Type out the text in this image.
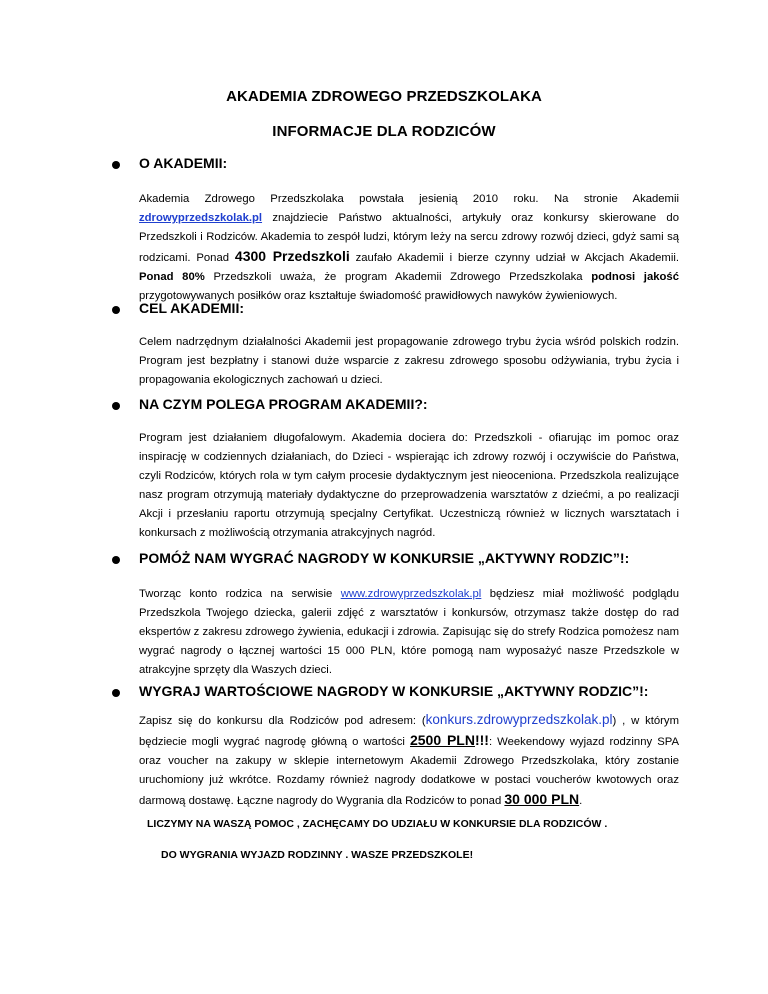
AKADEMIA ZDROWEGO PRZEDSZKOLAKA
INFORMACJE DLA RODZICÓW
O AKADEMII:
Akademia Zdrowego Przedszkolaka powstała jesienią 2010 roku. Na stronie Akademii zdrowyprzedszkolak.pl znajdziecie Państwo aktualności, artykuły oraz konkursy skierowane do Przedszkoli i Rodziców. Akademia to zespół ludzi, którym leży na sercu zdrowy rozwój dzieci, gdyż sami są rodzicami. Ponad 4300 Przedszkoli zaufało Akademii i bierze czynny udział w Akcjach Akademii. Ponad 80% Przedszkoli uważa, że program Akademii Zdrowego Przedszkolaka podnosi jakość przygotowywanych posiłków oraz kształtuje świadomość prawidłowych nawyków żywieniowych.
CEL AKADEMII:
Celem nadrzędnym działalności Akademii jest propagowanie zdrowego trybu życia wśród polskich rodzin. Program jest bezpłatny i stanowi duże wsparcie z zakresu zdrowego sposobu odżywiania, trybu życia i propagowania ekologicznych zachowań u dzieci.
NA CZYM POLEGA PROGRAM AKADEMII?:
Program jest działaniem długofalowym. Akademia dociera do: Przedszkoli - ofiarując im pomoc oraz inspirację w codziennych działaniach, do Dzieci - wspierając ich zdrowy rozwój i oczywiście do Państwa, czyli Rodziców, których rola w tym całym procesie dydaktycznym jest nieoceniona. Przedszkola realizujące nasz program otrzymują materiały dydaktyczne do przeprowadzenia warsztatów z dziećmi, a po realizacji Akcji i przesłaniu raportu otrzymują specjalny Certyfikat. Uczestniczą również w licznych warsztatach i konkursach z możliwością otrzymania atrakcyjnych nagród.
POMÓŻ NAM WYGRAĆ NAGRODY W KONKURSIE „AKTYWNY RODZIC”!:
Tworząc konto rodzica na serwisie www.zdrowyprzedszkolak.pl będziesz miał możliwość podglądu Przedszkola Twojego dziecka, galerii zdjęć z warsztatów i konkursów, otrzymasz także dostęp do rad ekspertów z zakresu zdrowego żywienia, edukacji i zdrowia. Zapisując się do strefy Rodzica pomożesz nam wygrać nagrody o łącznej wartości 15 000 PLN, które pomogą nam wyposażyć nasze Przedszkole w atrakcyjne sprzęty dla Waszych dzieci.
WYGRAJ WARTOŚCIOWE NAGRODY W KONKURSIE „AKTYWNY RODZIC”!:
Zapisz się do konkursu dla Rodziców pod adresem: (konkurs.zdrowyprzedszkolak.pl) , w którym będziecie mogli wygrać nagrodę główną o wartości 2500 PLN!!!: Weekendowy wyjazd rodzinny SPA oraz voucher na zakupy w sklepie internetowym Akademii Zdrowego Przedszkolaka, który zostanie uruchomiony już wkrótce. Rozdamy również nagrody dodatkowe w postaci voucherów kwotowych oraz darmową dostawę. Łączne nagrody do Wygrania dla Rodziców to ponad 30 000 PLN.
LICZYMY NA WASZĄ POMOC , ZACHĘCAMY DO UDZIAŁU W KONKURSIE DLA RODZICÓW .
DO WYGRANIA WYJAZD RODZINNY . WASZE PRZEDSZKOLE!
